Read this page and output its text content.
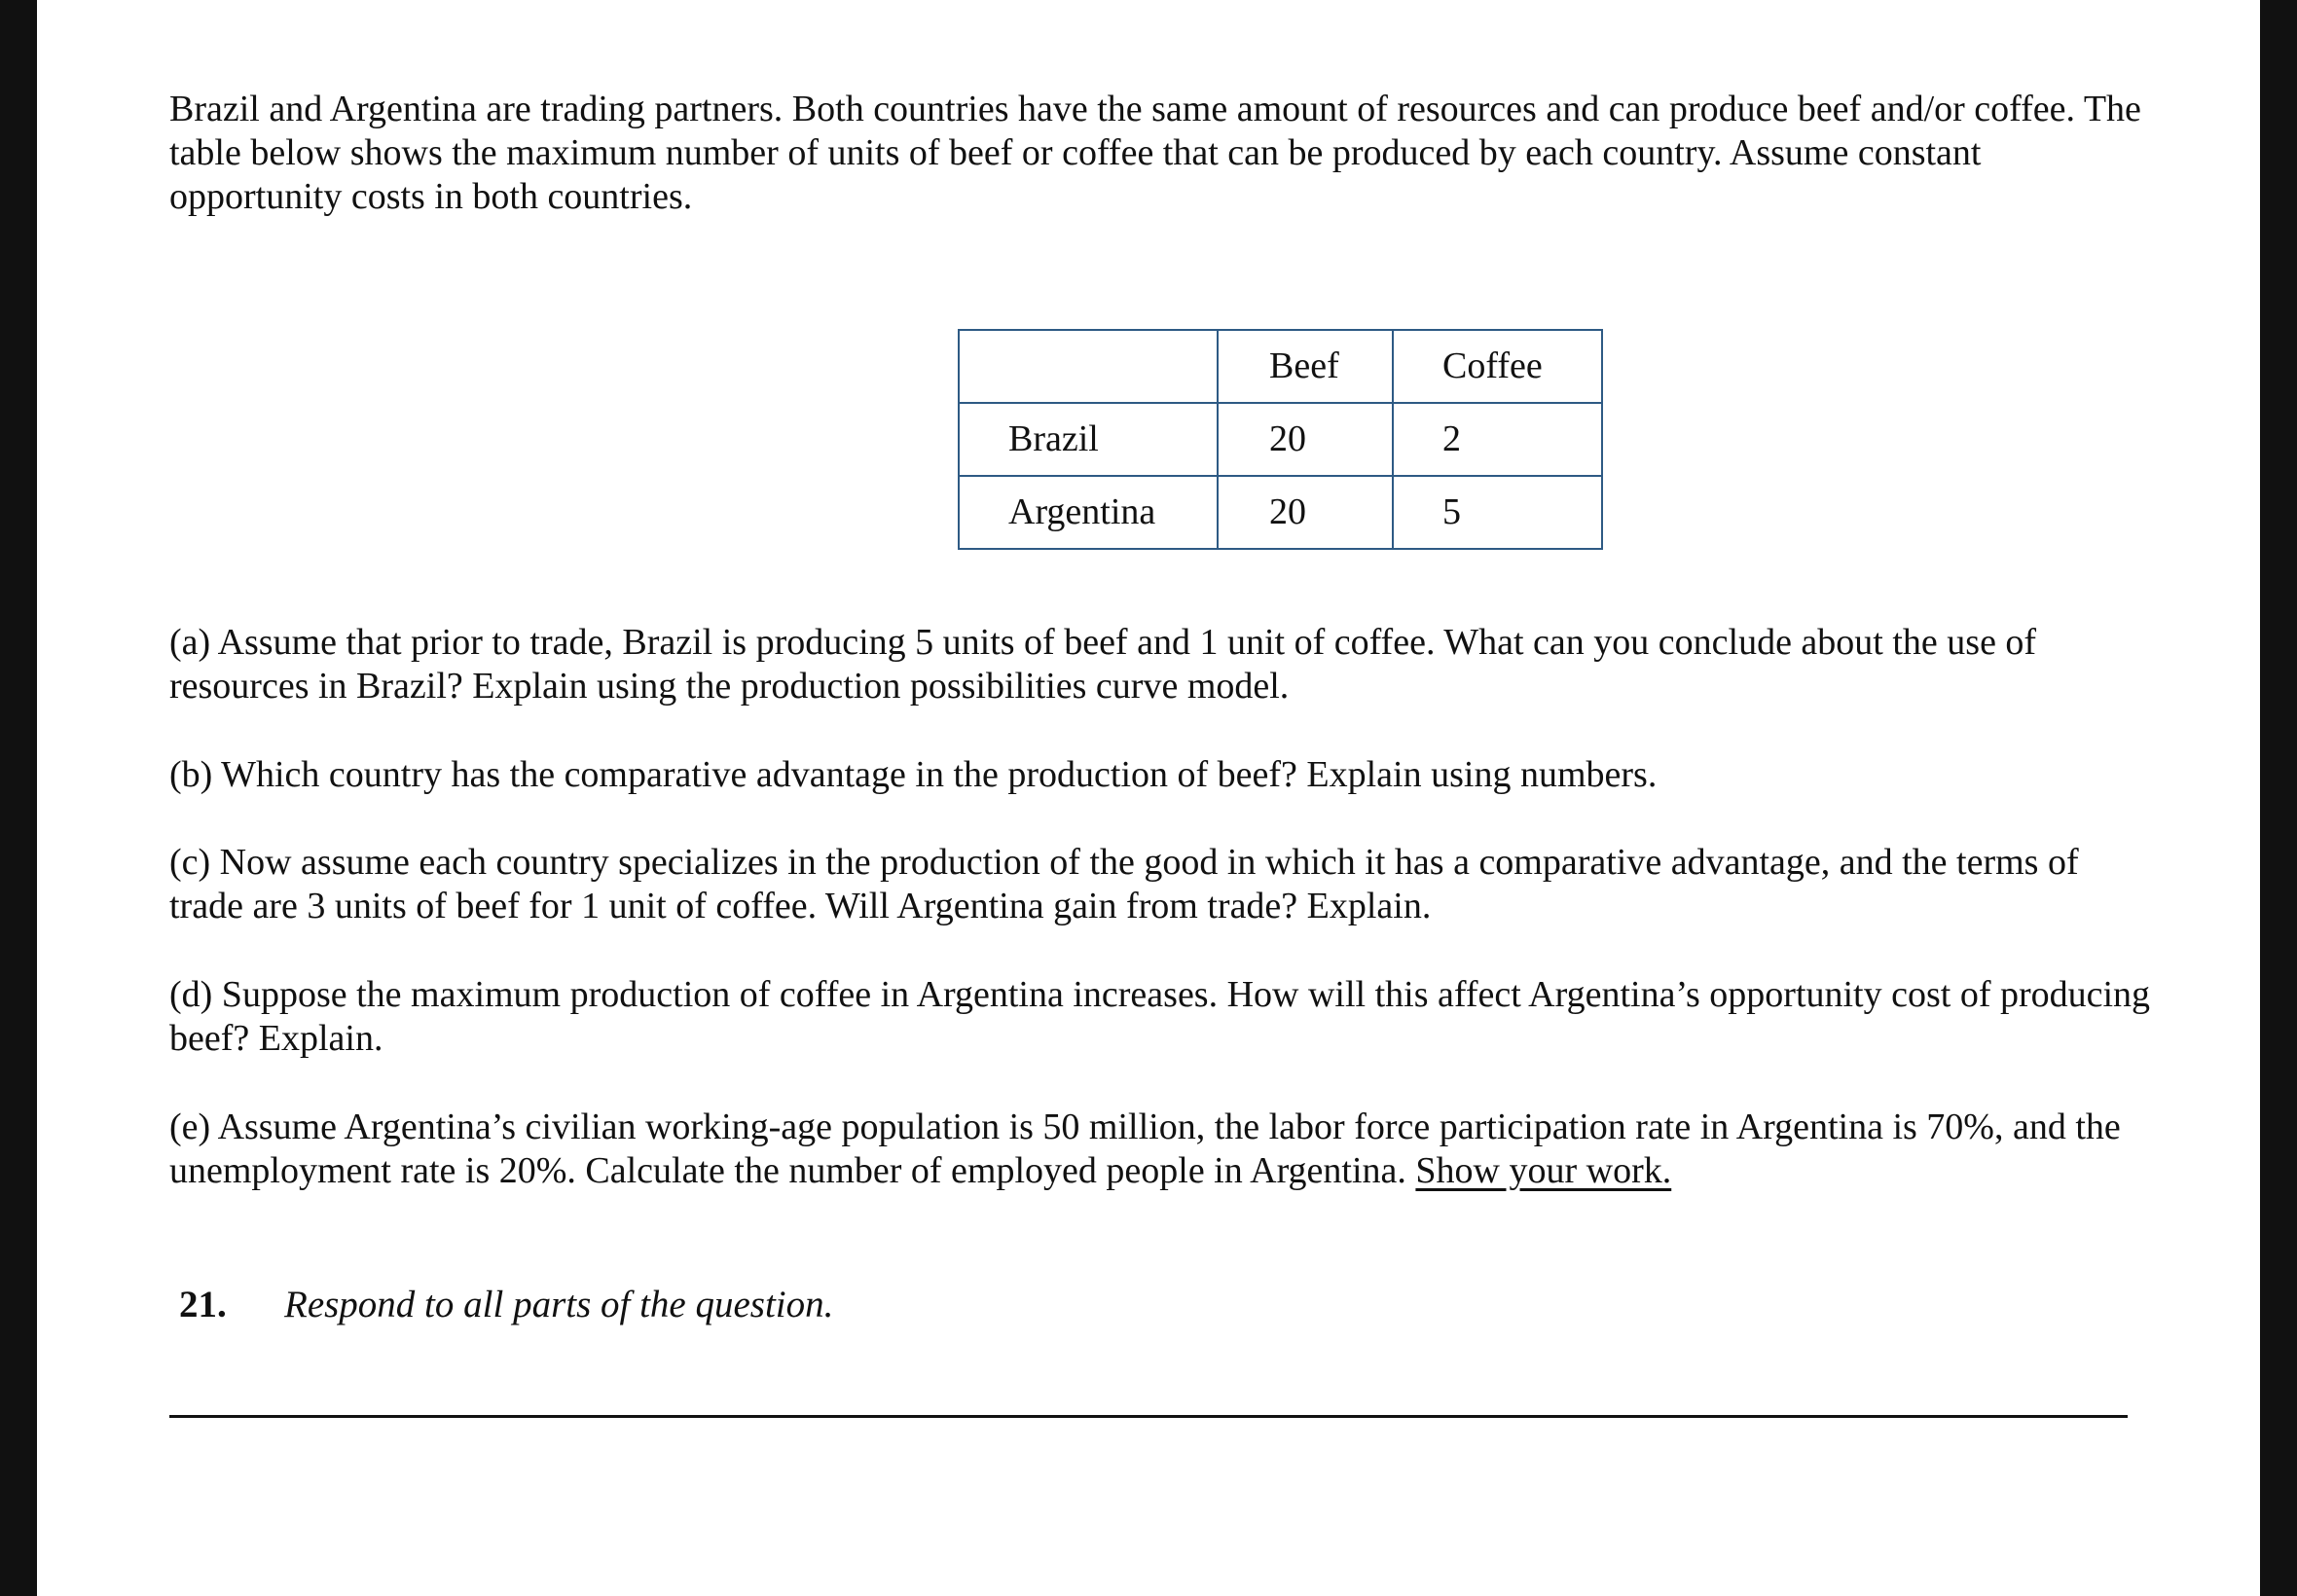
Brazil and Argentina are trading partners. Both countries have the same amount of resources and can produce beef and/or coffee. The table below shows the maximum number of units of beef or coffee that can be produced by each country. Assume constant opportunity costs in both countries.

	Beef	Coffee
Brazil	20	2
Argentina	20	5

(a) Assume that prior to trade, Brazil is producing 5 units of beef and 1 unit of coffee. What can you conclude about the use of resources in Brazil? Explain using the production possibilities curve model.

(b) Which country has the comparative advantage in the production of beef? Explain using numbers.

(c) Now assume each country specializes in the production of the good in which it has a comparative advantage, and the terms of trade are 3 units of beef for 1 unit of coffee. Will Argentina gain from trade? Explain.

(d) Suppose the maximum production of coffee in Argentina increases. How will this affect Argentina’s opportunity cost of producing beef? Explain.

(e) Assume Argentina’s civilian working-age population is 50 million, the labor force participation rate in Argentina is 70%, and the unemployment rate is 20%. Calculate the number of employed people in Argentina. Show your work.

21. Respond to all parts of the question.
